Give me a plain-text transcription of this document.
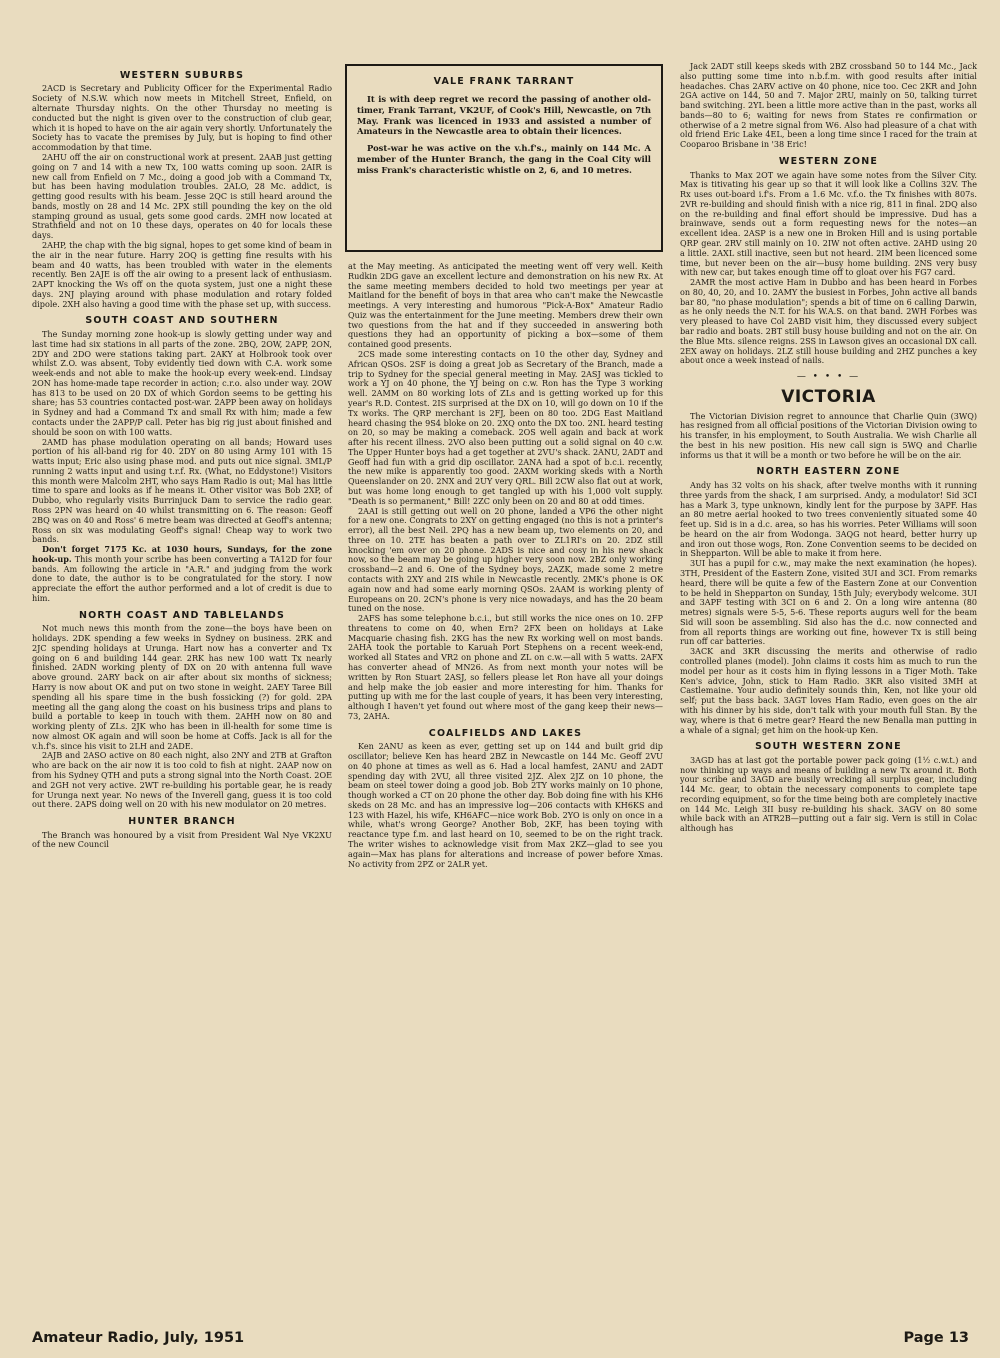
WESTERN SUBURBS

2ACD is Secretary and Publicity Officer for the Experimental Radio Society of N.S.W. which now meets in Mitchell Street, Enfield, on alternate Thursday nights. On the other Thursday no meeting is conducted but the night is given over to the construction of club gear, which it is hoped to have on the air again very shortly. Unfortunately the Society has to vacate the premises by July, but is hoping to find other accommodation by that time.

2AHU off the air on constructional work at present. 2AAB just getting going on 7 and 14 with a new Tx, 100 watts coming up soon. 2AIR is new call from Enfield on 7 Mc., doing a good job with a Command Tx, but has been having modulation troubles. 2ALO, 28 Mc. addict, is getting good results with his beam. Jesse 2QC is still heard around the bands, mostly on 28 and 14 Mc. 2PX still pounding the key on the old stamping ground as usual, gets some good cards. 2MH now located at Strathfield and not on 10 these days, operates on 40 for locals these days.

2AHP, the chap with the big signal, hopes to get some kind of beam in the air in the near future. Harry 2OQ is getting fine results with his beam and 40 watts, has been troubled with water in the elements recently. Ben 2AJE is off the air owing to a present lack of enthusiasm. 2APT knocking the Ws off on the quota system, just one a night these days. 2NJ playing around with phase modulation and rotary folded dipole. 2XH also having a good time with the phase set up, with success.

SOUTH COAST AND SOUTHERN

The Sunday morning zone hook-up is slowly getting under way and last time had six stations in all parts of the zone. 2BQ, 2OW, 2APP, 2ON, 2DY and 2DO were stations taking part. 2AKY at Holbrook took over whilst Z.O. was absent, Toby evidently tied down with C.A. work some week-ends and not able to make the hook-up every week-end. Lindsay 2ON has home-made tape recorder in action; c.r.o. also under way. 2OW has 813 to be used on 20 DX of which Gordon seems to be getting his share; has 53 countries contacted post-war. 2APP been away on holidays in Sydney and had a Command Tx and small Rx with him; made a few contacts under the 2APP/P call. Peter has big rig just about finished and should be soon on with 100 watts.

2AMD has phase modulation operating on all bands; Howard uses portion of his all-band rig for 40. 2DY on 80 using Army 101 with 15 watts input; Eric also using phase mod. and puts out nice signal. 3ML/P running 2 watts input and using t.r.f. Rx. (What, no Eddystone!) Visitors this month were Malcolm 2HT, who says Ham Radio is out; Mal has little time to spare and looks as if he means it. Other visitor was Bob 2XP, of Dubbo, who regularly visits Burrinjuck Dam to service the radio gear. Ross 2PN was heard on 40 whilst transmitting on 6. The reason: Geoff 2BQ was on 40 and Ross' 6 metre beam was directed at Geoff's antenna; Ross on six was modulating Geoff's signal! Cheap way to work two bands.

Don't forget 7175 Kc. at 1030 hours, Sundays, for the zone hook-up. This month your scribe has been converting a TA12D for four bands. Am following the article in "A.R." and judging from the work done to date, the author is to be congratulated for the story. I now appreciate the effort the author performed and a lot of credit is due to him.

NORTH COAST AND TABLELANDS

Not much news this month from the zone—the boys have been on holidays. 2DK spending a few weeks in Sydney on business. 2RK and 2JC spending holidays at Urunga. Hart now has a converter and Tx going on 6 and building 144 gear. 2RK has new 100 watt Tx nearly finished. 2ADN working plenty of DX on 20 with antenna full wave above ground. 2ARY back on air after about six months of sickness; Harry is now about OK and put on two stone in weight. 2AEY Taree Bill spending all his spare time in the bush fossicking (?) for gold. 2PA meeting all the gang along the coast on his business trips and plans to build a portable to keep in touch with them. 2AHH now on 80 and working plenty of ZLs. 2JK who has been in ill-health for some time is now almost OK again and will soon be home at Coffs. Jack is all for the v.h.f's. since his visit to 2LH and 2ADE.

2AJB and 2ASO active on 80 each night, also 2NY and 2TB at Grafton who are back on the air now it is too cold to fish at night. 2AAP now on from his Sydney QTH and puts a strong signal into the North Coast. 2OE and 2GH not very active. 2WT re-building his portable gear, he is ready for Urunga next year. No news of the Inverell gang, guess it is too cold out there. 2APS doing well on 20 with his new modulator on 20 metres.

HUNTER BRANCH

The Branch was honoured by a visit from President Wal Nye VK2XU of the new Council

VALE FRANK TARRANT

It is with deep regret we record the passing of another old-timer, Frank Tarrant, VK2UF, of Cook's Hill, Newcastle, on 7th May. Frank was licenced in 1933 and assisted a number of Amateurs in the Newcastle area to obtain their licences.

Post-war he was active on the v.h.f's., mainly on 144 Mc. A member of the Hunter Branch, the gang in the Coal City will miss Frank's characteristic whistle on 2, 6, and 10 metres.

at the May meeting. As anticipated the meeting went off very well. Keith Rudkin 2DG gave an excellent lecture and demonstration on his new Rx. At the same meeting members decided to hold two meetings per year at Maitland for the benefit of boys in that area who can't make the Newcastle meetings. A very interesting and humorous "Pick-A-Box" Amateur Radio Quiz was the entertainment for the June meeting. Members drew their own two questions from the hat and if they succeeded in answering both questions they had an opportunity of picking a box—some of them contained good presents.

2CS made some interesting contacts on 10 the other day, Sydney and African QSOs. 2SF is doing a great job as Secretary of the Branch, made a trip to Sydney for the special general meeting in May. 2ASJ was tickled to work a YJ on 40 phone, the YJ being on c.w. Ron has the Type 3 working well. 2AMM on 80 working lots of ZLs and is getting worked up for this year's R.D. Contest. 2IS surprised at the DX on 10, will go down on 10 if the Tx works. The QRP merchant is 2FJ, been on 80 too. 2DG East Maitland heard chasing the 9S4 bloke on 20. 2XQ onto the DX too. 2NL heard testing on 20, so may be making a comeback. 2OS well again and back at work after his recent illness. 2VO also been putting out a solid signal on 40 c.w. The Upper Hunter boys had a get together at 2VU's shack. 2ANU, 2ADT and Geoff had fun with a grid dip oscillator. 2ANA had a spot of b.c.i. recently, the new mike is apparently too good. 2AXM working skeds with a North Queenslander on 20. 2NX and 2UY very QRL. Bill 2CW also flat out at work, but was home long enough to get tangled up with his 1,000 volt supply. "Death is so permanent," Bill! 2ZC only been on 20 and 80 at odd times.

2AAI is still getting out well on 20 phone, landed a VP6 the other night for a new one. Congrats to 2XY on getting engaged (no this is not a printer's error), all the best Neil. 2PQ has a new beam up, two elements on 20, and three on 10. 2TE has beaten a path over to ZL1RI's on 20. 2DZ still knocking 'em over on 20 phone. 2ADS is nice and cosy in his new shack now, so the beam may be going up higher very soon now. 2BZ only working crossband—2 and 6. One of the Sydney boys, 2AZK, made some 2 metre contacts with 2XY and 2IS while in Newcastle recently. 2MK's phone is OK again now and had some early morning QSOs. 2AAM is working plenty of Europeans on 20. 2CN's phone is very nice nowadays, and has the 20 beam tuned on the nose.

2AFS has some telephone b.c.i., but still works the nice ones on 10. 2FP threatens to come on 40, when Ern? 2FX been on holidays at Lake Macquarie chasing fish. 2KG has the new Rx working well on most bands. 2AHA took the portable to Karuah Port Stephens on a recent week-end, worked all States and VR2 on phone and ZL on c.w.—all with 5 watts. 2AFX has converter ahead of MN26. As from next month your notes will be written by Ron Stuart 2ASJ, so fellers please let Ron have all your doings and help make the job easier and more interesting for him. Thanks for putting up with me for the last couple of years, it has been very interesting, although I haven't yet found out where most of the gang keep their news—73, 2AHA.

COALFIELDS AND LAKES

Ken 2ANU as keen as ever, getting set up on 144 and built grid dip oscillator; believe Ken has heard 2BZ in Newcastle on 144 Mc. Geoff 2VU on 40 phone at times as well as 6. Had a local hamfest, 2ANU and 2ADT spending day with 2VU, all three visited 2JZ. Alex 2JZ on 10 phone, the beam on steel tower doing a good job. Bob 2TY works mainly on 10 phone, though worked a CT on 20 phone the other day. Bob doing fine with his KH6 skeds on 28 Mc. and has an impressive log—206 contacts with KH6KS and 123 with Hazel, his wife, KH6AFC—nice work Bob. 2YO is only on once in a while, what's wrong George? Another Bob, 2KF, has been toying with reactance type f.m. and last heard on 10, seemed to be on the right track. The writer wishes to acknowledge visit from Max 2KZ—glad to see you again—Max has plans for alterations and increase of power before Xmas. No activity from 2PZ or 2ALR yet.

Jack 2ADT still keeps skeds with 2BZ crossband 50 to 144 Mc., Jack also putting some time into n.b.f.m. with good results after initial headaches. Chas 2ARV active on 40 phone, nice too. Cec 2KR and John 2GA active on 144, 50 and 7. Major 2RU, mainly on 50, talking turret band switching. 2YL been a little more active than in the past, works all bands—80 to 6; waiting for news from States re confirmation or otherwise of a 2 metre signal from W6. Also had pleasure of a chat with old friend Eric Lake 4EL, been a long time since I raced for the train at Cooparoo Brisbane in '38 Eric!

WESTERN ZONE

Thanks to Max 2OT we again have some notes from the Silver City. Max is titivating his gear up so that it will look like a Collins 32V. The Rx uses out-board i.f's. From a 1.6 Mc. v.f.o. the Tx finishes with 807s. 2VR re-building and should finish with a nice rig, 811 in final. 2DQ also on the re-building and final effort should be impressive. Dud has a brainwave, sends out a form requesting news for the notes—an excellent idea. 2ASP is a new one in Broken Hill and is using portable QRP gear. 2RV still mainly on 10. 2IW not often active. 2AHD using 20 a little. 2AXL still inactive, seen but not heard. 2IM been licenced some time, but never been on the air—busy home building. 2NS very busy with new car, but takes enough time off to gloat over his FG7 card.

2AMR the most active Ham in Dubbo and has been heard in Forbes on 80, 40, 20, and 10. 2AMY the busiest in Forbes, John active all bands bar 80, "no phase modulation"; spends a bit of time on 6 calling Darwin, as he only needs the N.T. for his W.A.S. on that band. 2WH Forbes was very pleased to have Col 2ABD visit him, they discussed every subject bar radio and boats. 2BT still busy house building and not on the air. On the Blue Mts. silence reigns. 2SS in Lawson gives an occasional DX call. 2EX away on holidays. 2LZ still house building and 2HZ punches a key about once a week instead of nails.

— • • • —
VICTORIA

The Victorian Division regret to announce that Charlie Quin (3WQ) has resigned from all official positions of the Victorian Division owing to his transfer, in his employment, to South Australia. We wish Charlie all the best in his new position. His new call sign is 5WQ and Charlie informs us that it will be a month or two before he will be on the air.

NORTH EASTERN ZONE

Andy has 32 volts on his shack, after twelve months with it running three yards from the shack, I am surprised. Andy, a modulator! Sid 3CI has a Mark 3, type unknown, kindly lent for the purpose by 3APF. Has an 80 metre aerial hooked to two trees conveniently situated some 40 feet up. Sid is in a d.c. area, so has his worries. Peter Williams will soon be heard on the air from Wodonga. 3AQG not heard, better hurry up and iron out those wogs, Ron. Zone Convention seems to be decided on in Shepparton. Will be able to make it from here.

3UI has a pupil for c.w., may make the next examination (he hopes). 3TH, President of the Eastern Zone, visited 3UI and 3CI. From remarks heard, there will be quite a few of the Eastern Zone at our Convention to be held in Shepparton on Sunday, 15th July; everybody welcome. 3UI and 3APF testing with 3CI on 6 and 2. On a long wire antenna (80 metres) signals were 5-5, 5-6. These reports augurs well for the beam Sid will soon be assembling. Sid also has the d.c. now connected and from all reports things are working out fine, however Tx is still being run off car batteries.

3ACK and 3KR discussing the merits and otherwise of radio controlled planes (model). John claims it costs him as much to run the model per hour as it costs him in flying lessons in a Tiger Moth. Take Ken's advice, John, stick to Ham Radio. 3KR also visited 3MH at Castlemaine. Your audio definitely sounds thin, Ken, not like your old self; put the bass back. 3AGT loves Ham Radio, even goes on the air with his dinner by his side, don't talk with your mouth full Stan. By the way, where is that 6 metre gear? Heard the new Benalla man putting in a whale of a signal; get him on the hook-up Ken.

SOUTH WESTERN ZONE

3AGD has at last got the portable power pack going (1½ c.w.t.) and now thinking up ways and means of building a new Tx around it. Both your scribe and 3AGD are busily wrecking all surplus gear, including 144 Mc. gear, to obtain the necessary components to complete tape recording equipment, so for the time being both are completely inactive on 144 Mc. Leigh 3II busy re-building his shack. 3AGV on 80 some while back with an ATR2B—putting out a fair sig. Vern is still in Colac although has

Amateur Radio, July, 1951	Page 13
